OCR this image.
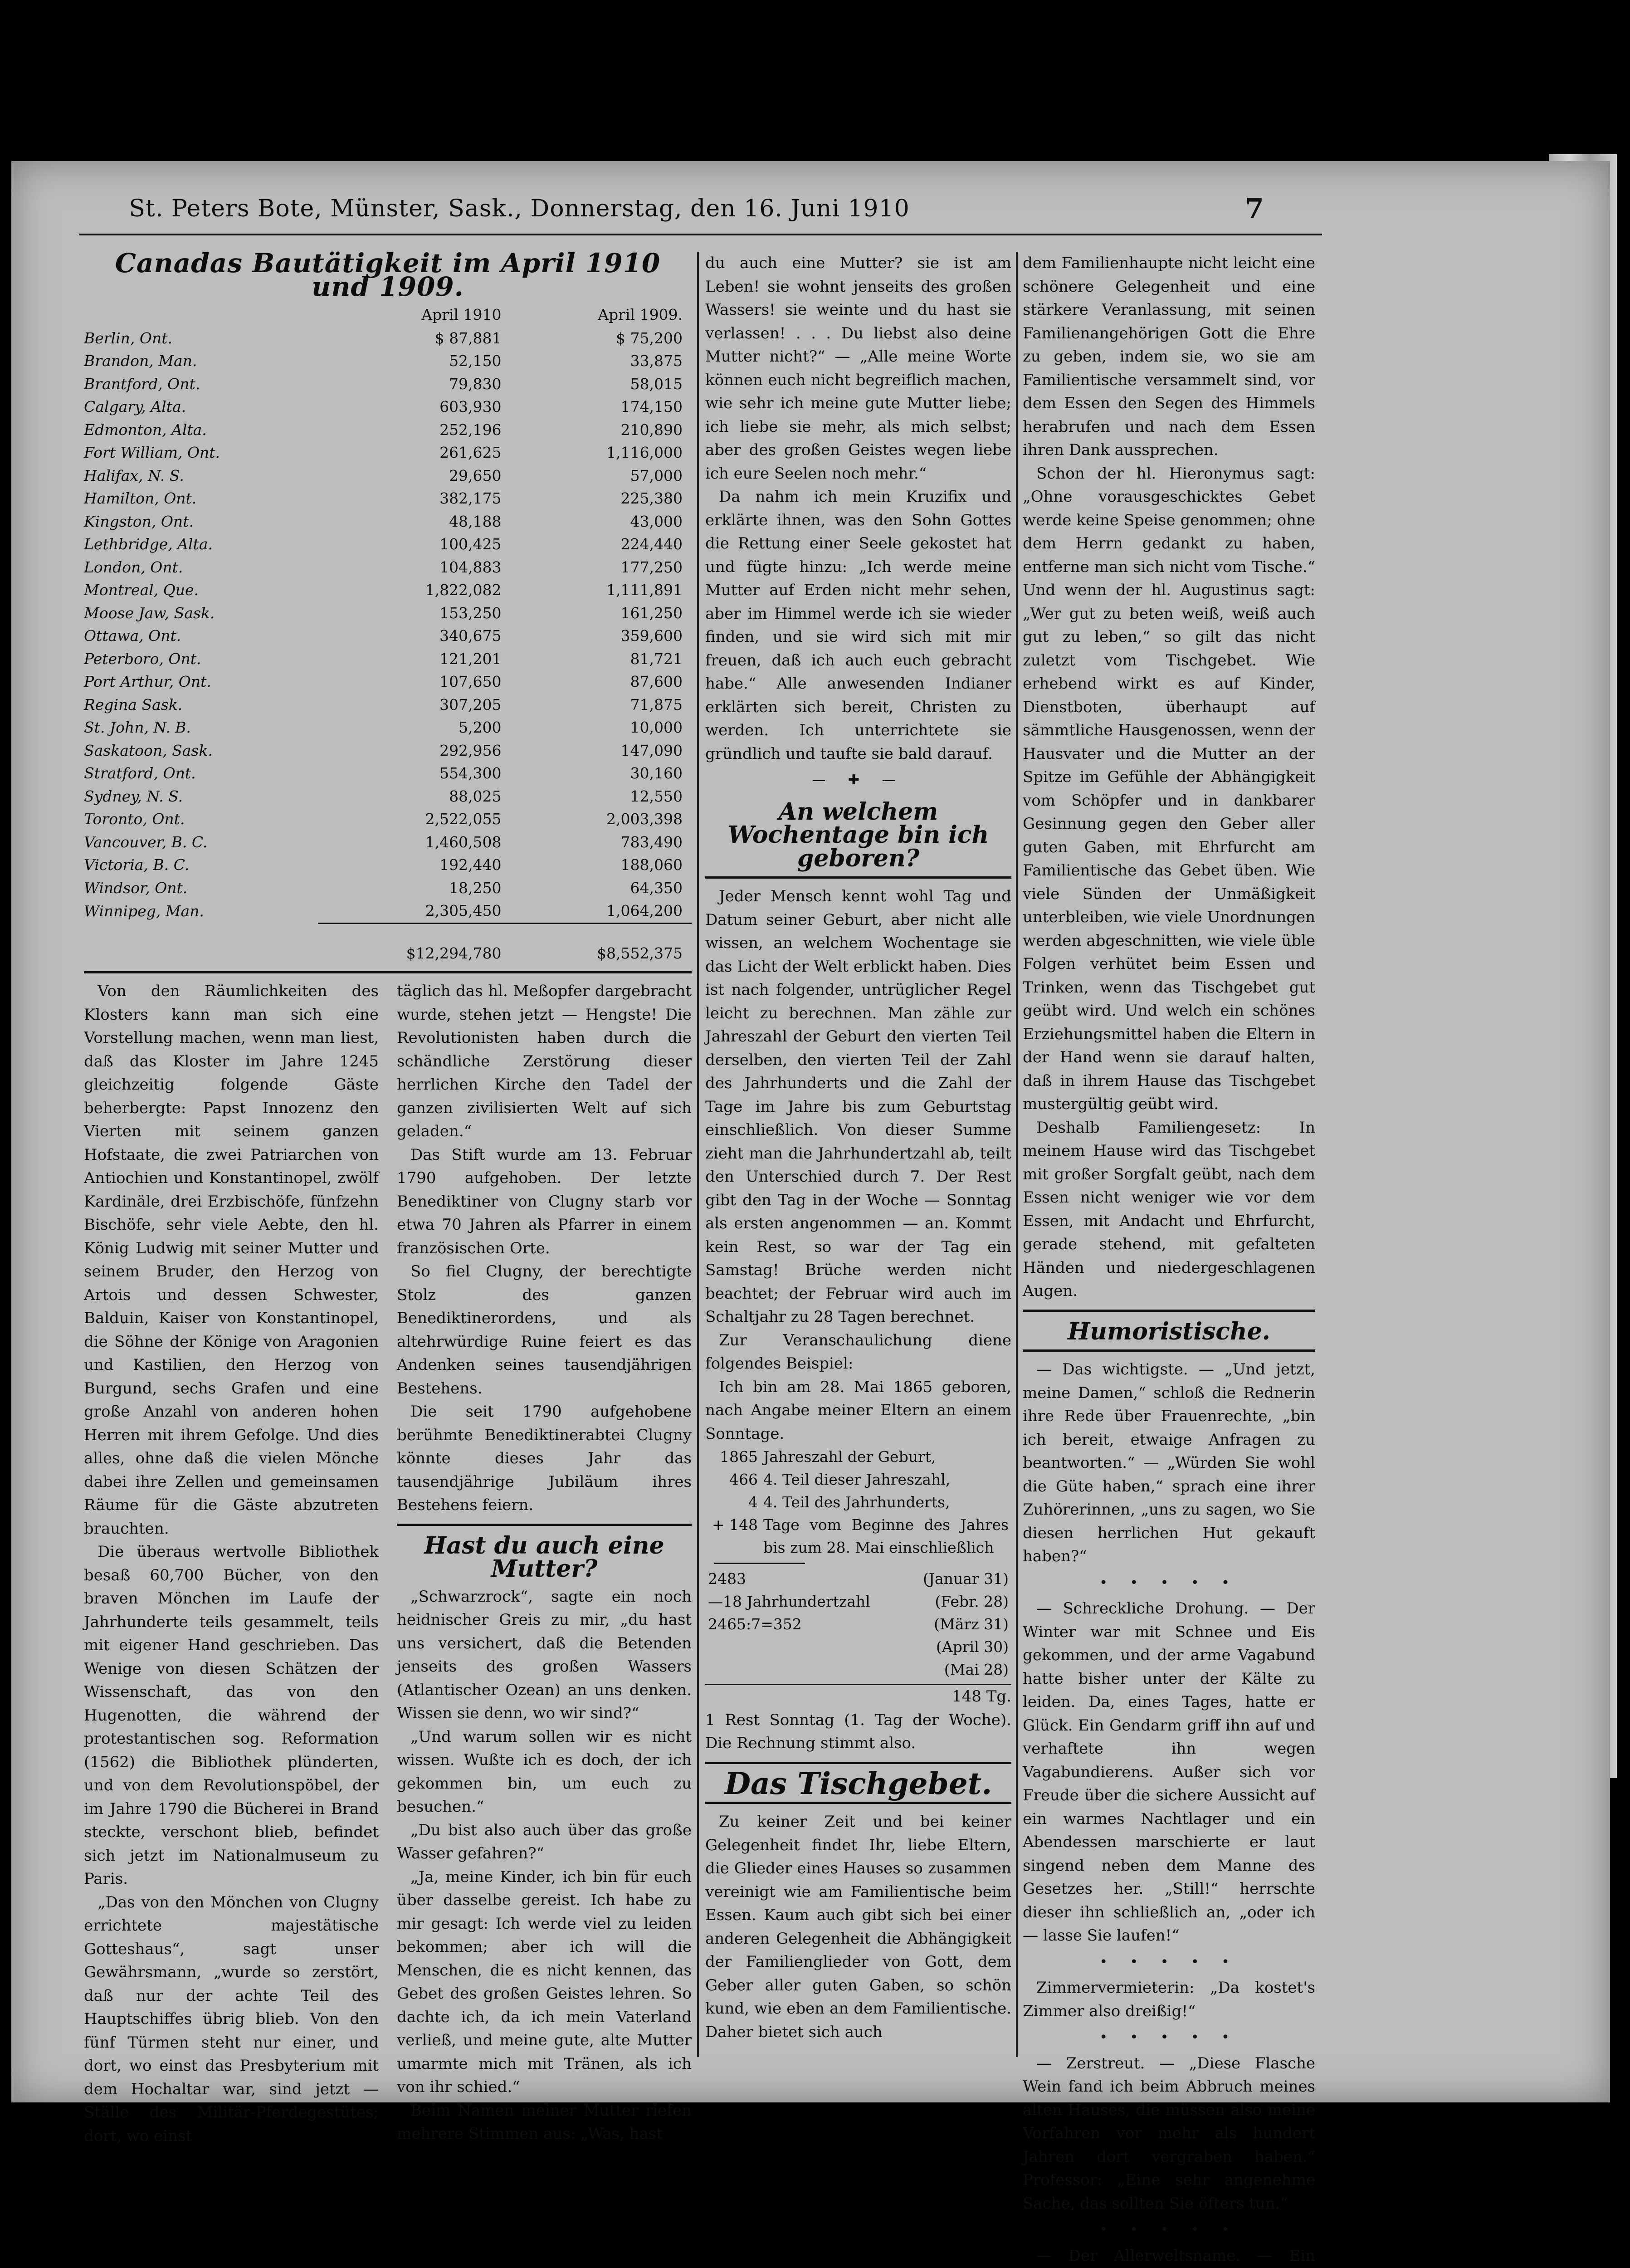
St. Peters Bote, Münster, Sask., Donnerstag, den 16. Juni 1910	7
Canadas Bautätigkeit im April 1910 und 1909.
	April 1910	April 1909.
Berlin, Ont.	$ 87,881	$ 75,200
Brandon, Man.	52,150	33,875
Brantford, Ont.	79,830	58,015
Calgary, Alta.	603,930	174,150
Edmonton, Alta.	252,196	210,890
Fort William, Ont.	261,625	1,116,000
Halifax, N. S.	29,650	57,000
Hamilton, Ont.	382,175	225,380
Kingston, Ont.	48,188	43,000
Lethbridge, Alta.	100,425	224,440
London, Ont.	104,883	177,250
Montreal, Que.	1,822,082	1,111,891
Moose Jaw, Sask.	153,250	161,250
Ottawa, Ont.	340,675	359,600
Peterboro, Ont.	121,201	81,721
Port Arthur, Ont.	107,650	87,600
Regina Sask.	307,205	71,875
St. John, N. B.	5,200	10,000
Saskatoon, Sask.	292,956	147,090
Stratford, Ont.	554,300	30,160
Sydney, N. S.	88,025	12,550
Toronto, Ont.	2,522,055	2,003,398
Vancouver, B. C.	1,460,508	783,490
Victoria, B. C.	192,440	188,060
Windsor, Ont.	18,250	64,350
Winnipeg, Man.	2,305,450	1,064,200
	$12,294,780	$8,552,375

Von den Räumlichkeiten des Klosters kann man sich eine Vorstellung machen, wenn man liest, daß das Kloster im Jahre 1245 gleichzeitig folgende Gäste beherbergte: Papst Innozenz den Vierten mit seinem ganzen Hofstaate, die zwei Patriarchen von Antiochien und Konstantinopel, zwölf Kardinäle, drei Erzbischöfe, fünfzehn Bischöfe, sehr viele Aebte, den hl. König Ludwig mit seiner Mutter und seinem Bruder, den Herzog von Artois und dessen Schwester, Balduin, Kaiser von Konstantinopel, die Söhne der Könige von Aragonien und Kastilien, den Herzog von Burgund, sechs Grafen und eine große Anzahl von anderen hohen Herren mit ihrem Gefolge. Und dies alles, ohne daß die vielen Mönche dabei ihre Zellen und gemeinsamen Räume für die Gäste abzutreten brauchten.

Die überaus wertvolle Bibliothek besaß 60,700 Bücher, von den braven Mönchen im Laufe der Jahrhunderte teils gesammelt, teils mit eigener Hand geschrieben. Das Wenige von diesen Schätzen der Wissenschaft, das von den Hugenotten, die während der protestantischen sog. Reformation (1562) die Bibliothek plünderten, und von dem Revolutionspöbel, der im Jahre 1790 die Bücherei in Brand steckte, verschont blieb, befindet sich jetzt im Nationalmuseum zu Paris.

„Das von den Mönchen von Clugny errichtete majestätische Gotteshaus“, sagt unser Gewährsmann, „wurde so zerstört, daß nur der achte Teil des Hauptschiffes übrig blieb. Von den fünf Türmen steht nur einer, und dort, wo einst das Presbyterium mit dem Hochaltar war, sind jetzt — Ställe des Militär-Pferdegestütes; dort, wo einst

täglich das hl. Meßopfer dargebracht wurde, stehen jetzt — Hengste! Die Revolutionisten haben durch die schändliche Zerstörung dieser herrlichen Kirche den Tadel der ganzen zivilisierten Welt auf sich geladen.“

Das Stift wurde am 13. Februar 1790 aufgehoben. Der letzte Benediktiner von Clugny starb vor etwa 70 Jahren als Pfarrer in einem französischen Orte.

So fiel Clugny, der berechtigte Stolz des ganzen Benediktinerordens, und als altehrwürdige Ruine feiert es das Andenken seines tausendjährigen Bestehens.

Die seit 1790 aufgehobene berühmte Benediktinerabtei Clugny könnte dieses Jahr das tausendjährige Jubiläum ihres Bestehens feiern.

Hast du auch eine Mutter?

„Schwarzrock“, sagte ein noch heidnischer Greis zu mir, „du hast uns versichert, daß die Betenden jenseits des großen Wassers (Atlantischer Ozean) an uns denken. Wissen sie denn, wo wir sind?“

„Und warum sollen wir es nicht wissen. Wußte ich es doch, der ich gekommen bin, um euch zu besuchen.“

„Du bist also auch über das große Wasser gefahren?“

„Ja, meine Kinder, ich bin für euch über dasselbe gereist. Ich habe zu mir gesagt: Ich werde viel zu leiden bekommen; aber ich will die Menschen, die es nicht kennen, das Gebet des großen Geistes lehren. So dachte ich, da ich mein Vaterland verließ, und meine gute, alte Mutter umarmte mich mit Tränen, als ich von ihr schied.“

Beim Namen meiner Mutter riefen mehrere Stimmen aus: „Was, hast

du auch eine Mutter? sie ist am Leben! sie wohnt jenseits des großen Wassers! sie weinte und du hast sie verlassen! . . . Du liebst also deine Mutter nicht?“ — „Alle meine Worte können euch nicht begreiflich machen, wie sehr ich meine gute Mutter liebe; ich liebe sie mehr, als mich selbst; aber des großen Geistes wegen liebe ich eure Seelen noch mehr.“

Da nahm ich mein Kruzifix und erklärte ihnen, was den Sohn Gottes die Rettung einer Seele gekostet hat und fügte hinzu: „Ich werde meine Mutter auf Erden nicht mehr sehen, aber im Himmel werde ich sie wieder finden, und sie wird sich mit mir freuen, daß ich auch euch gebracht habe.“ Alle anwesenden Indianer erklärten sich bereit, Christen zu werden. Ich unterrichtete sie gründlich und taufte sie bald darauf.

— ✚ —
An welchem Wochentage bin ich geboren?

Jeder Mensch kennt wohl Tag und Datum seiner Geburt, aber nicht alle wissen, an welchem Wochentage sie das Licht der Welt erblickt haben. Dies ist nach folgender, untrüglicher Regel leicht zu berechnen. Man zähle zur Jahreszahl der Geburt den vierten Teil derselben, den vierten Teil der Zahl des Jahrhunderts und die Zahl der Tage im Jahre bis zum Geburtstag einschließlich. Von dieser Summe zieht man die Jahrhundertzahl ab, teilt den Unterschied durch 7. Der Rest gibt den Tag in der Woche — Sonntag als ersten angenommen — an. Kommt kein Rest, so war der Tag ein Samstag! Brüche werden nicht beachtet; der Februar wird auch im Schaltjahr zu 28 Tagen berechnet.

Zur Veranschaulichung diene folgendes Beispiel:

Ich bin am 28. Mai 1865 geboren, nach Angabe meiner Eltern an einem Sonntage.

1865	Jahreszahl der Geburt,
466	4. Teil dieser Jahreszahl,
4	4. Teil des Jahrhunderts,
+ 148	Tage vom Beginne des Jahres bis zum 28. Mai einschließlich
2483	(Januar 31)
—18 Jahrhundertzahl	(Febr. 28)
2465:7=352	(März 31)
	(April 30)
	(Mai 28)
148 Tg.

1 Rest Sonntag (1. Tag der Woche). Die Rechnung stimmt also.

Das Tischgebet.

Zu keiner Zeit und bei keiner Gelegenheit findet Ihr, liebe Eltern, die Glieder eines Hauses so zusammen vereinigt wie am Familientische beim Essen. Kaum auch gibt sich bei einer anderen Gelegenheit die Abhängigkeit der Familienglieder von Gott, dem Geber aller guten Gaben, so schön kund, wie eben an dem Familientische. Daher bietet sich auch

dem Familienhaupte nicht leicht eine schönere Gelegenheit und eine stärkere Veranlassung, mit seinen Familienangehörigen Gott die Ehre zu geben, indem sie, wo sie am Familientische versammelt sind, vor dem Essen den Segen des Himmels herabrufen und nach dem Essen ihren Dank aussprechen.

Schon der hl. Hieronymus sagt: „Ohne vorausgeschicktes Gebet werde keine Speise genommen; ohne dem Herrn gedankt zu haben, entferne man sich nicht vom Tische.“ Und wenn der hl. Augustinus sagt: „Wer gut zu beten weiß, weiß auch gut zu leben,“ so gilt das nicht zuletzt vom Tischgebet. Wie erhebend wirkt es auf Kinder, Dienstboten, überhaupt auf sämmtliche Hausgenossen, wenn der Hausvater und die Mutter an der Spitze im Gefühle der Abhängigkeit vom Schöpfer und in dankbarer Gesinnung gegen den Geber aller guten Gaben, mit Ehrfurcht am Familientische das Gebet üben. Wie viele Sünden der Unmäßigkeit unterbleiben, wie viele Unordnungen werden abgeschnitten, wie viele üble Folgen verhütet beim Essen und Trinken, wenn das Tischgebet gut geübt wird. Und welch ein schönes Erziehungsmittel haben die Eltern in der Hand wenn sie darauf halten, daß in ihrem Hause das Tischgebet mustergültig geübt wird.

Deshalb Familiengesetz: In meinem Hause wird das Tischgebet mit großer Sorgfalt geübt, nach dem Essen nicht weniger wie vor dem Essen, mit Andacht und Ehrfurcht, gerade stehend, mit gefalteten Händen und niedergeschlagenen Augen.

Humoristische.

— Das wichtigste. — „Und jetzt, meine Damen,“ schloß die Rednerin ihre Rede über Frauenrechte, „bin ich bereit, etwaige Anfragen zu beantworten.“ — „Würden Sie wohl die Güte haben,“ sprach eine ihrer Zuhörerinnen, „uns zu sagen, wo Sie diesen herrlichen Hut gekauft haben?“

• • • • •

— Schreckliche Drohung. — Der Winter war mit Schnee und Eis gekommen, und der arme Vagabund hatte bisher unter der Kälte zu leiden. Da, eines Tages, hatte er Glück. Ein Gendarm griff ihn auf und verhaftete ihn wegen Vagabundierens. Außer sich vor Freude über die sichere Aussicht auf ein warmes Nachtlager und ein Abendessen marschierte er laut singend neben dem Manne des Gesetzes her. „Still!“ herrschte dieser ihn schließlich an, „oder ich — lasse Sie laufen!“

• • • • •

Zimmervermieterin: „Da kostet's Zimmer also dreißig!“

• • • • •

— Zerstreut. — „Diese Flasche Wein fand ich beim Abbruch meines alten Hauses, die müssen also meine Vorfahren vor mehr als hundert Jahren dort vergraben haben.“ Professor: „Eine sehr angenehme Sache, das sollten Sie öfters tun.“

• • • • •

— Der Allerweltsname. — Ein
